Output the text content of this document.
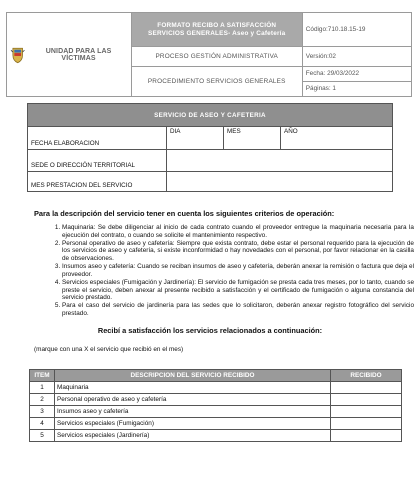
UNIDAD PARA LAS VÍCTIMAS	FORMATO RECIBO A SATISFACCIÓN
SERVICIOS GENERALES- Aseo y Cafetería	Código:710.18.15-19
	PROCESO GESTIÓN ADMINISTRATIVA	Versión:02
	PROCEDIMIENTO SERVICIOS GENERALES	Fecha: 29/03/2022
Páginas: 1
SERVICIO DE ASEO Y CAFETERIA			
FECHA ELABORACION	DIA	MES	AÑO
SEDE O DIRECCIÓN TERRITORIAL			
MES PRESTACION DEL SERVICIO			
Para la descripción del servicio tener en cuenta los siguientes criterios de operación:
1. Maquinaria: Se debe diligenciar al inicio de cada contrato cuando el proveedor entregue la maquinaria necesaria para la ejecución del contrato, o cuando se solicite el mantenimiento respectivo.
2. Personal operativo de aseo y cafetería: Siempre que exista contrato, debe estar el personal requerido para la ejecución de los servicios de aseo y cafetería, si existe inconformidad o hay novedades con el personal, por favor relacionar en la casilla de observaciones.
3. Insumos aseo y cafetería: Cuando se reciban insumos de aseo y cafetería, deberán anexar la remisión o factura que deja el proveedor.
4. Servicios especiales (Fumigación y Jardinería): El servicio de fumigación se presta cada tres meses, por lo tanto, cuando se preste el servicio, deben anexar al presente recibido a satisfacción y el certificado de fumigación o alguna constancia del servicio prestado.
5. Para el caso del servicio de jardinería para las sedes que lo solicitaron, deberán anexar registro fotográfico del servicio prestado.
Recibí a satisfacción los servicios relacionados a continuación:
(marque con una X el servicio que recibió en el mes)
ITEM	DESCRIPCION DEL SERVICIO RECIBIDO	RECIBIDO
1	Maquinaria	
2	Personal operativo de aseo y cafetería	
3	Insumos aseo y cafetería	
4	Servicios especiales (Fumigación)	
5	Servicios especiales (Jardinería)	
